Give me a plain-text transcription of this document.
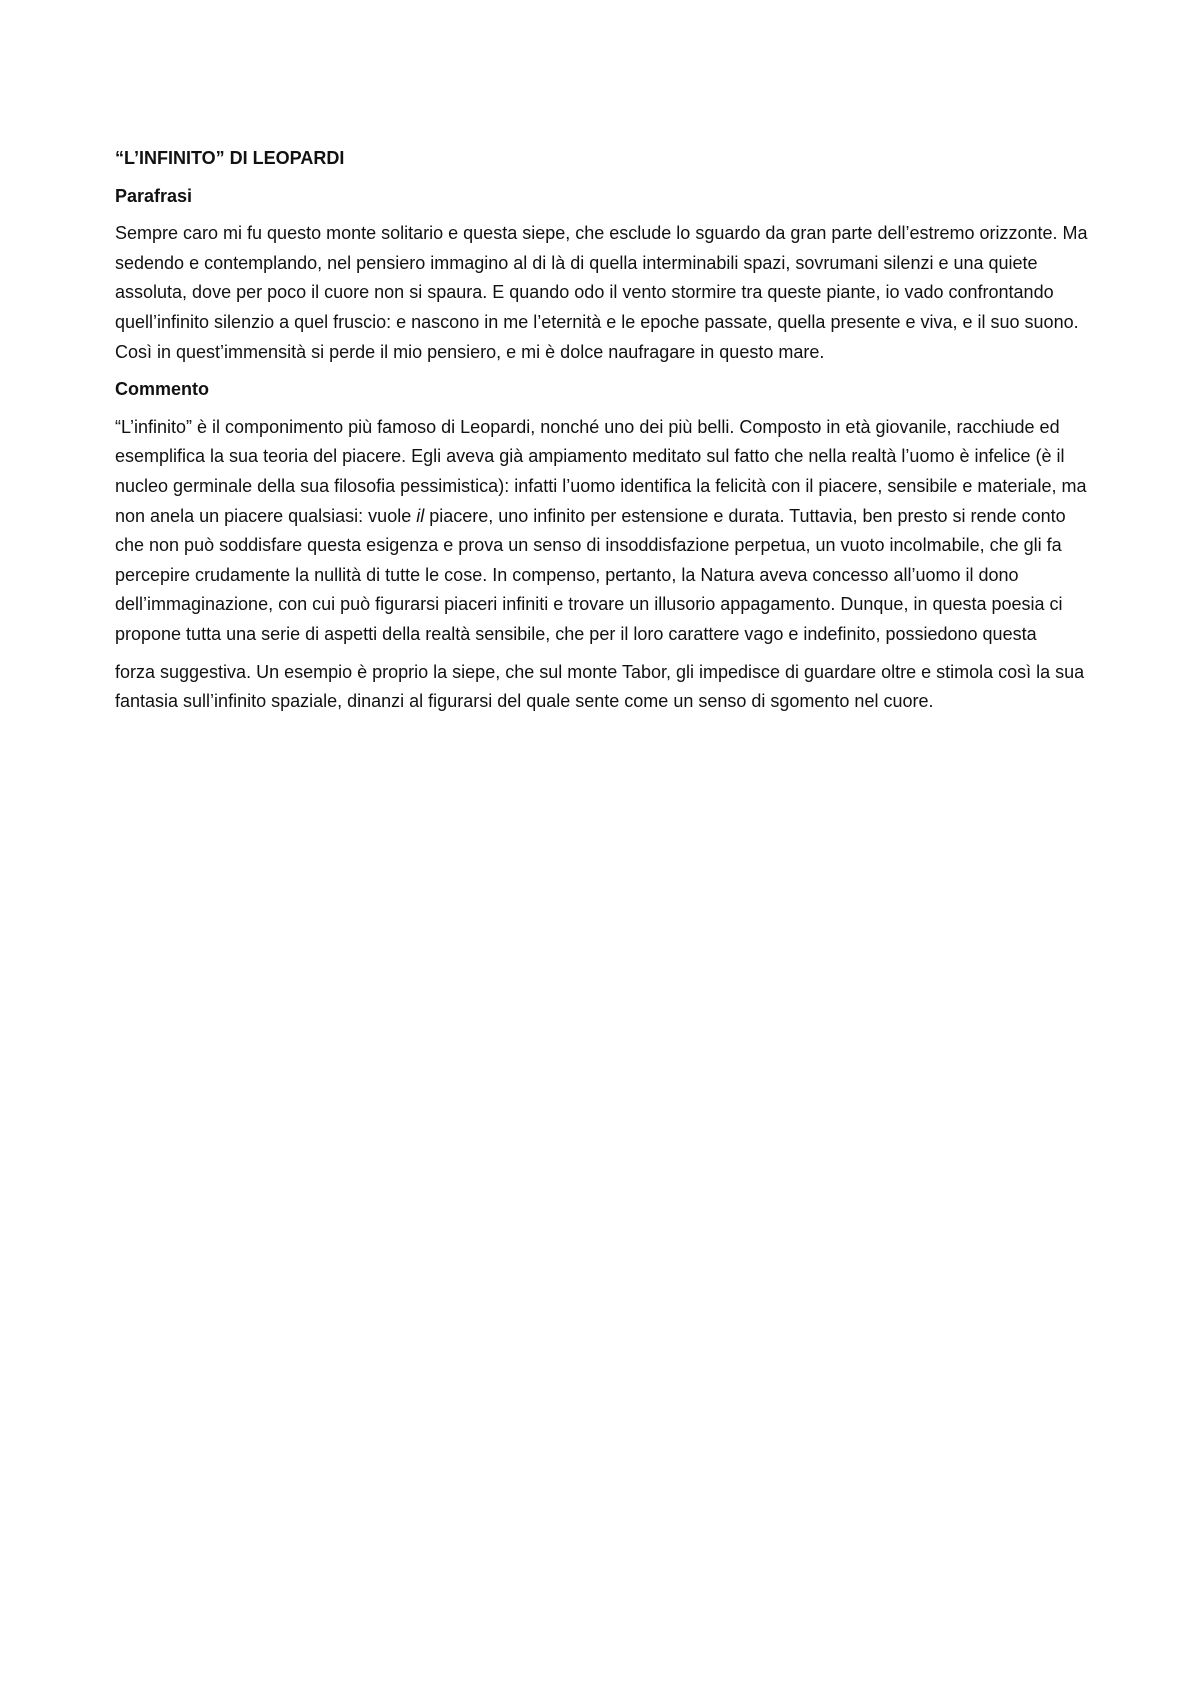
“L’INFINITO” DI LEOPARDI

Parafrasi

Sempre caro mi fu questo monte solitario e questa siepe, che esclude lo sguardo da gran parte dell’estremo orizzonte. Ma sedendo e contemplando, nel pensiero immagino al di là di quella interminabili spazi, sovrumani silenzi e una quiete assoluta, dove per poco il cuore non si spaura. E quando odo il vento stormire tra queste piante, io vado confrontando quell’infinito silenzio a quel fruscio: e nascono in me l’eternità e le epoche passate, quella presente e viva, e il suo suono. Così in quest’immensità si perde il mio pensiero, e mi è dolce naufragare in questo mare.

Commento

“L’infinito” è il componimento più famoso di Leopardi, nonché uno dei più belli. Composto in età giovanile, racchiude ed esemplifica la sua teoria del piacere. Egli aveva già ampiamento meditato sul fatto che nella realtà l’uomo è infelice (è il nucleo germinale della sua filosofia pessimistica): infatti l’uomo identifica la felicità con il piacere, sensibile e materiale, ma non anela un piacere qualsiasi: vuole il piacere, uno infinito per estensione e durata. Tuttavia, ben presto si rende conto che non può soddisfare questa esigenza e prova un senso di insoddisfazione perpetua, un vuoto incolmabile, che gli fa percepire crudamente la nullità di tutte le cose. In compenso, pertanto, la Natura aveva concesso all’uomo il dono dell’immaginazione, con cui può figurarsi piaceri infiniti e trovare un illusorio appagamento. Dunque, in questa poesia ci propone tutta una serie di aspetti della realtà sensibile, che per il loro carattere vago e indefinito, possiedono questa

forza suggestiva. Un esempio è proprio la siepe, che sul monte Tabor, gli impedisce di guardare oltre e stimola così la sua fantasia sull’infinito spaziale, dinanzi al figurarsi del quale sente come un senso di sgomento nel cuore.
